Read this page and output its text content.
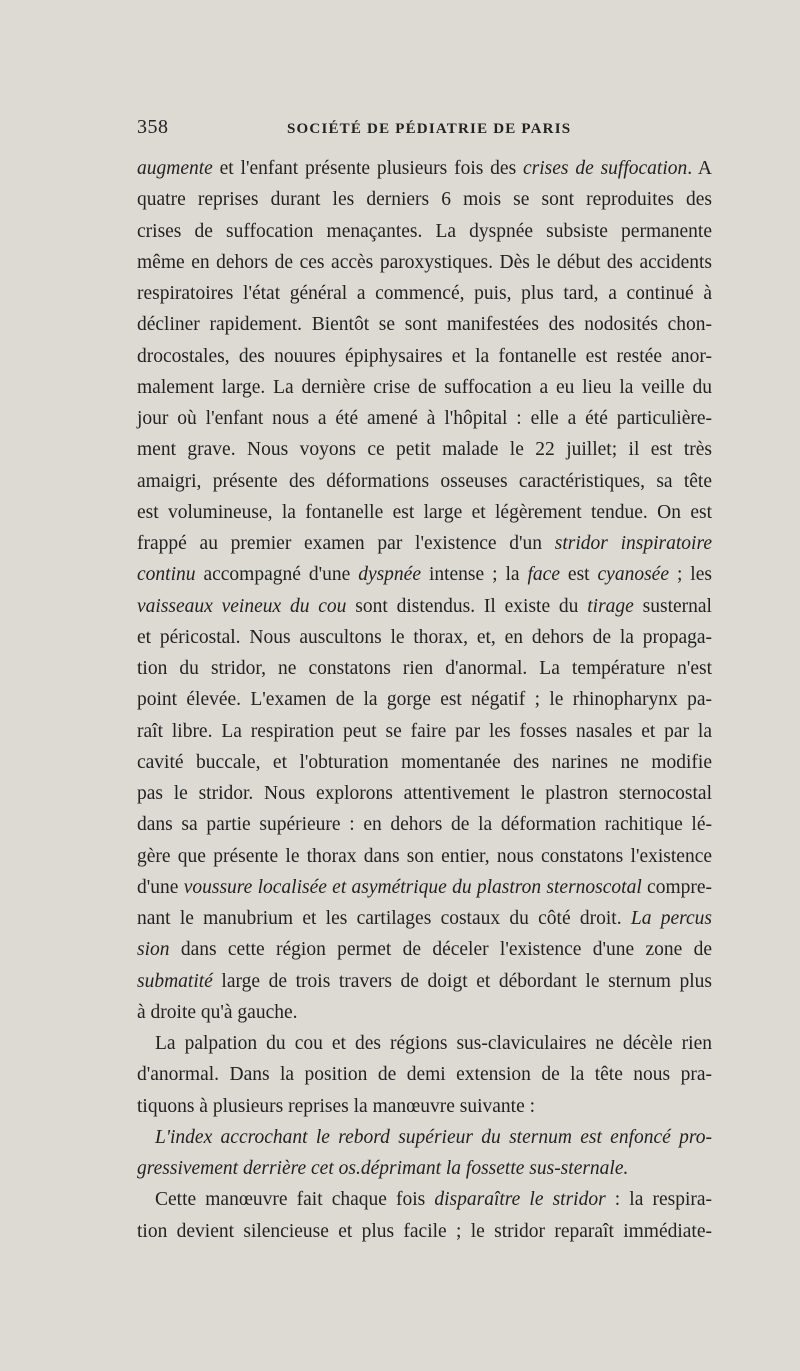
358	SOCIÉTÉ DE PÉDIATRIE DE PARIS
augmente et l'enfant présente plusieurs fois des crises de suffocation. A
quatre reprises durant les derniers 6 mois se sont reproduites des
crises de suffocation menaçantes. La dyspnée subsiste permanente
même en dehors de ces accès paroxystiques. Dès le début des accidents
respiratoires l'état général a commencé, puis, plus tard, a continué à
décliner rapidement. Bientôt se sont manifestées des nodosités chon-
drocostales, des nouures épiphysaires et la fontanelle est restée anor-
malement large. La dernière crise de suffocation a eu lieu la veille du
jour où l'enfant nous a été amené à l'hôpital : elle a été particulière-
ment grave. Nous voyons ce petit malade le 22 juillet; il est très
amaigri, présente des déformations osseuses caractéristiques, sa tête
est volumineuse, la fontanelle est large et légèrement tendue. On est
frappé au premier examen par l'existence d'un stridor inspiratoire
continu accompagné d'une dyspnée intense ; la face est cyanosée ; les
vaisseaux veineux du cou sont distendus. Il existe du tirage susternal
et péricostal. Nous auscultons le thorax, et, en dehors de la propaga-
tion du stridor, ne constatons rien d'anormal. La température n'est
point élevée. L'examen de la gorge est négatif ; le rhinopharynx pa-
raît libre. La respiration peut se faire par les fosses nasales et par la
cavité buccale, et l'obturation momentanée des narines ne modifie
pas le stridor. Nous explorons attentivement le plastron sternocostal
dans sa partie supérieure : en dehors de la déformation rachitique lé-
gère que présente le thorax dans son entier, nous constatons l'existence
d'une voussure localisée et asymétrique du plastron sternoscotal compre-
nant le manubrium et les cartilages costaux du côté droit. La percus
sion dans cette région permet de déceler l'existence d'une zone de
submatité large de trois travers de doigt et débordant le sternum plus
à droite qu'à gauche.
La palpation du cou et des régions sus-claviculaires ne décèle rien
d'anormal. Dans la position de demi extension de la tête nous pra-
tiquons à plusieurs reprises la manœuvre suivante :
L'index accrochant le rebord supérieur du sternum est enfoncé pro-
gressivement derrière cet os.déprimant la fossette sus-sternale.
Cette manœuvre fait chaque fois disparaître le stridor : la respira-
tion devient silencieuse et plus facile ; le stridor reparaît immédiate-
